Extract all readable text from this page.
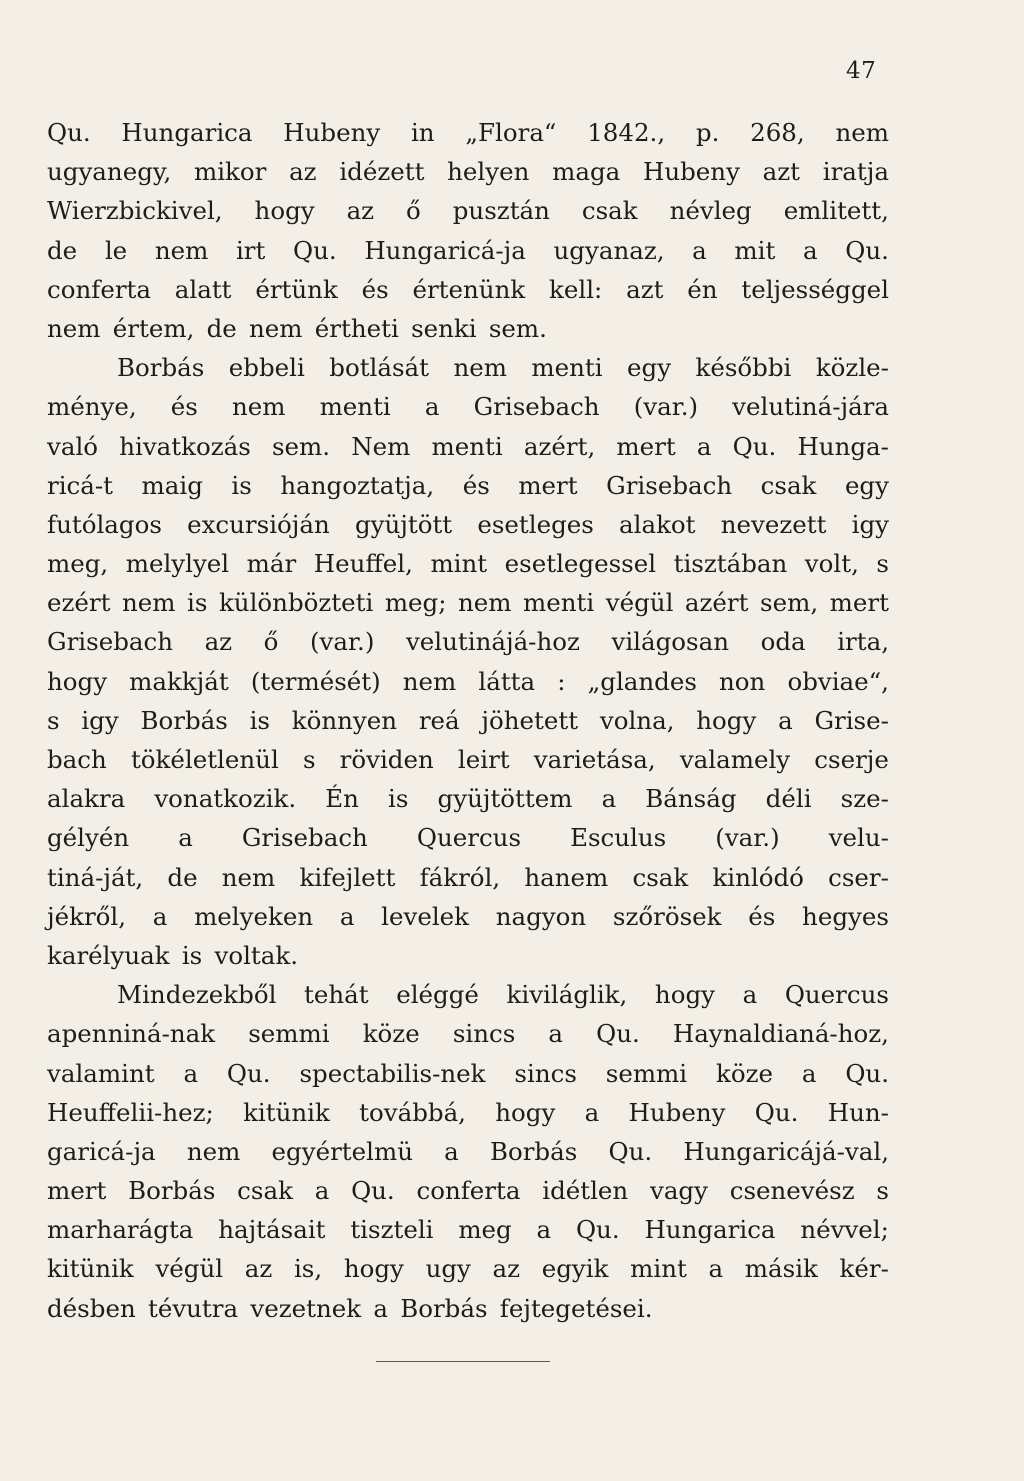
47
Qu. Hungarica Hubeny in „Flora“ 1842., p. 268, nem
ugyanegy, mikor az idézett helyen maga Hubeny azt iratja
Wierzbickivel, hogy az ő pusztán csak névleg emlitett,
de le nem irt Qu. Hungaricá-ja ugyanaz, a mit a Qu.
conferta alatt értünk és értenünk kell: azt én teljességgel
nem értem, de nem értheti senki sem.
Borbás ebbeli botlását nem menti egy későbbi közle-
ménye, és nem menti a Grisebach (var.) velutiná-jára
való hivatkozás sem. Nem menti azért, mert a Qu. Hunga-
ricá-t maig is hangoztatja, és mert Grisebach csak egy
futólagos excursióján gyüjtött esetleges alakot nevezett igy
meg, melylyel már Heuffel, mint esetlegessel tisztában volt, s
ezért nem is különbözteti meg; nem menti végül azért sem, mert
Grisebach az ő (var.) velutinájá-hoz világosan oda irta,
hogy makkját (termését) nem látta : „glandes non obviae“,
s igy Borbás is könnyen reá jöhetett volna, hogy a Grise-
bach tökéletlenül s röviden leirt varietása, valamely cserje
alakra vonatkozik. Én is gyüjtöttem a Bánság déli sze-
gélyén a Grisebach Quercus Esculus (var.) velu-
tiná-ját, de nem kifejlett fákról, hanem csak kinlódó cser-
jékről, a melyeken a levelek nagyon szőrösek és hegyes
karélyuak is voltak.
Mindezekből tehát eléggé kiviláglik, hogy a Quercus
apenniná-nak semmi köze sincs a Qu. Haynaldianá-hoz,
valamint a Qu. spectabilis-nek sincs semmi köze a Qu.
Heuffelii-hez; kitünik továbbá, hogy a Hubeny Qu. Hun-
garicá-ja nem egyértelmü a Borbás Qu. Hungaricájá-val,
mert Borbás csak a Qu. conferta idétlen vagy csenevész s
marharágta hajtásait tiszteli meg a Qu. Hungarica névvel;
kitünik végül az is, hogy ugy az egyik mint a másik kér-
désben tévutra vezetnek a Borbás fejtegetései.
